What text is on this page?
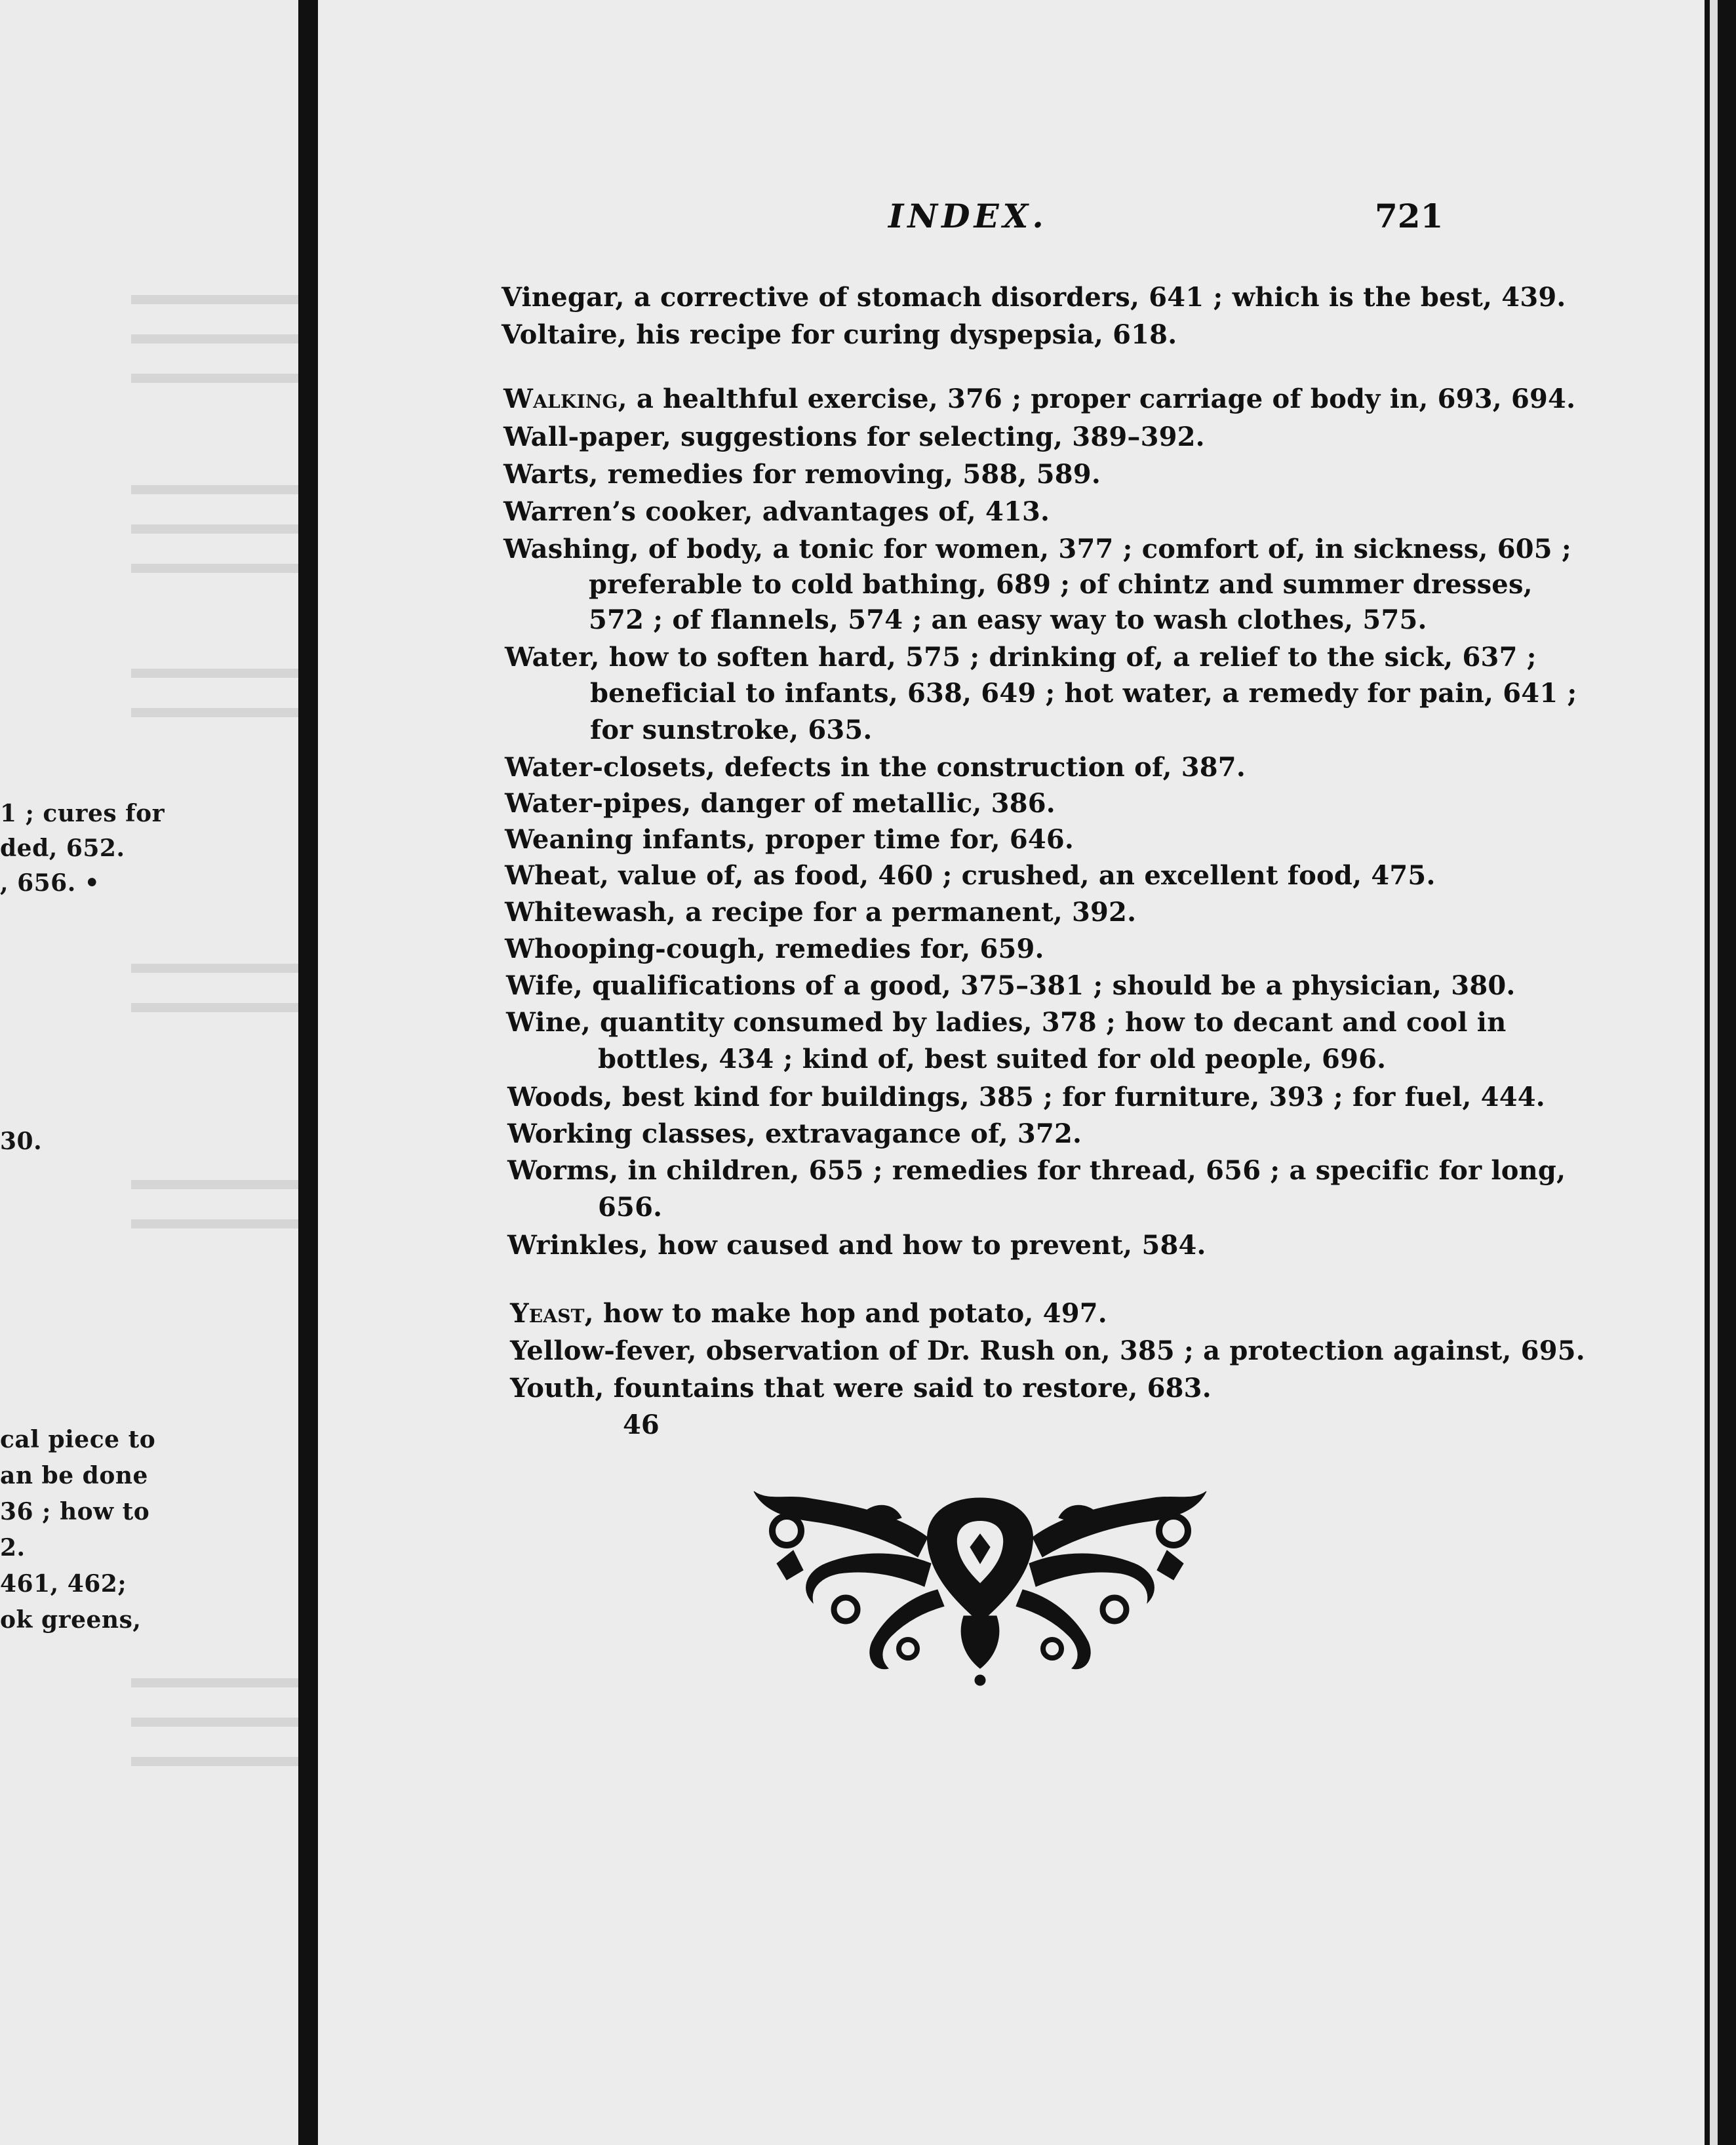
1 ; cures for
ded, 652.
, 656. •
30.
cal piece to
an be done
36 ; how to
2.
461, 462;
ok greens,
INDEX.	721
Vinegar, a corrective of stomach disorders, 641 ; which is the best, 439.
Voltaire, his recipe for curing dyspepsia, 618.
Walking, a healthful exercise, 376 ; proper carriage of body in, 693, 694.
Wall-paper, suggestions for selecting, 389–392.
Warts, remedies for removing, 588, 589.
Warren’s cooker, advantages of, 413.
Washing, of body, a tonic for women, 377 ; comfort of, in sickness, 605 ;
preferable to cold bathing, 689 ; of chintz and summer dresses,
572 ; of flannels, 574 ; an easy way to wash clothes, 575.
Water, how to soften hard, 575 ; drinking of, a relief to the sick, 637 ;
beneficial to infants, 638, 649 ; hot water, a remedy for pain, 641 ;
for sunstroke, 635.
Water-closets, defects in the construction of, 387.
Water-pipes, danger of metallic, 386.
Weaning infants, proper time for, 646.
Wheat, value of, as food, 460 ; crushed, an excellent food, 475.
Whitewash, a recipe for a permanent, 392.
Whooping-cough, remedies for, 659.
Wife, qualifications of a good, 375–381 ; should be a physician, 380.
Wine, quantity consumed by ladies, 378 ; how to decant and cool in
bottles, 434 ; kind of, best suited for old people, 696.
Woods, best kind for buildings, 385 ; for furniture, 393 ; for fuel, 444.
Working classes, extravagance of, 372.
Worms, in children, 655 ; remedies for thread, 656 ; a specific for long,
656.
Wrinkles, how caused and how to prevent, 584.
Yeast, how to make hop and potato, 497.
Yellow-fever, observation of Dr. Rush on, 385 ; a protection against, 695.
Youth, fountains that were said to restore, 683.
46
